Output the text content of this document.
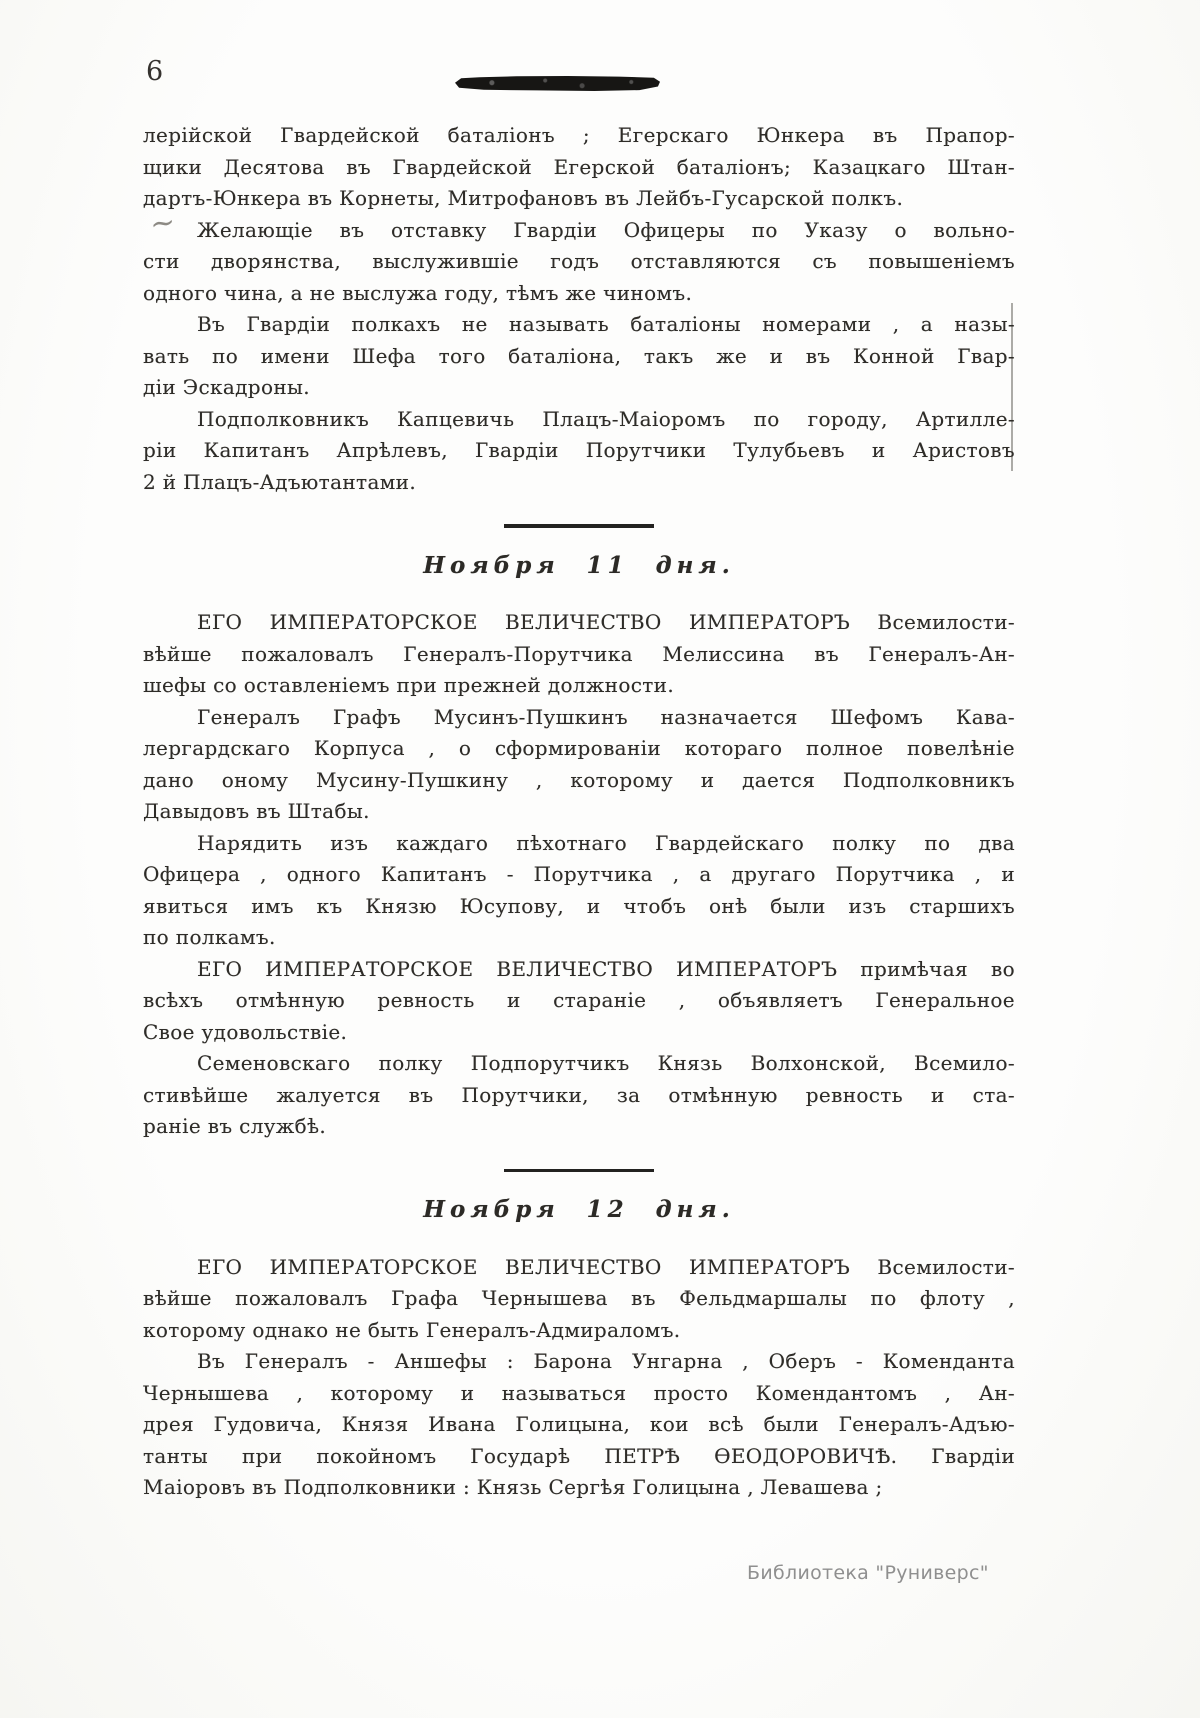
6
~
лерійской Гвардейской баталіонъ ; Егерскаго Юнкера въ Прапор-
щики Десятова въ Гвардейской Егерской баталіонъ; Казацкаго Штан-
дартъ-Юнкера въ Корнеты, Митрофановъ въ Лейбъ-Гусарской полкъ.
Желающіе въ отставку Гвардіи Офицеры по Указу о вольно-
сти дворянства, выслужившіе годъ отставляются съ повышеніемъ
одного чина, а не выслужа году, тѣмъ же чиномъ.
Въ Гвардіи полкахъ не называть баталіоны номерами , а назы-
вать по имени Шефа того баталіона, такъ же и въ Конной Гвар-
діи Эскадроны.
Подполковникъ Капцевичь Плацъ-Маіоромъ по городу, Артилле-
ріи Капитанъ Апрѣлевъ, Гвардіи Порутчики Тулубьевъ и Аристовъ
2 й Плацъ-Адъютантами.
Ноября 11 дня.
ЕГО ИМПЕРАТОРСКОЕ ВЕЛИЧЕСТВО ИМПЕРАТОРЪ Всемилости-
вѣйше пожаловалъ Генералъ-Порутчика Мелиссина въ Генералъ-Ан-
шефы со оставленіемъ при прежней должности.
Генералъ Графъ Мусинъ-Пушкинъ назначается Шефомъ Кава-
лергардскаго Корпуса , о сформированіи котораго полное повелѣніе
дано оному Мусину-Пушкину , которому и дается Подполковникъ
Давыдовъ въ Штабы.
Нарядить изъ каждаго пѣхотнаго Гвардейскаго полку по два
Офицера , одного Капитанъ - Порутчика , а другаго Порутчика , и
явиться имъ къ Князю Юсупову, и чтобъ онѣ были изъ старшихъ
по полкамъ.
ЕГО ИМПЕРАТОРСКОЕ ВЕЛИЧЕСТВО ИМПЕРАТОРЪ примѣчая во
всѣхъ отмѣнную ревность и стараніе , объявляетъ Генеральное
Свое удовольствіе.
Семеновскаго полку Подпорутчикъ Князь Волхонской, Всемило-
стивѣйше жалуется въ Порутчики, за отмѣнную ревность и ста-
раніе въ службѣ.
Ноября 12 дня.
ЕГО ИМПЕРАТОРСКОЕ ВЕЛИЧЕСТВО ИМПЕРАТОРЪ Всемилости-
вѣйше пожаловалъ Графа Чернышева въ Фельдмаршалы по флоту ,
которому однако не быть Генералъ-Адмираломъ.
Въ Генералъ - Аншефы : Барона Унгарна , Оберъ - Коменданта
Чернышева , которому и называться просто Комендантомъ , Ан-
дрея Гудовича, Князя Ивана Голицына, кои всѣ были Генералъ-Адъю-
танты при покойномъ Государѣ ПЕТРѢ ѲЕОДОРОВИЧѢ. Гвардіи
Маіоровъ въ Подполковники : Князь Сергѣя Голицына , Левашева ;
Библиотека "Руниверс"
